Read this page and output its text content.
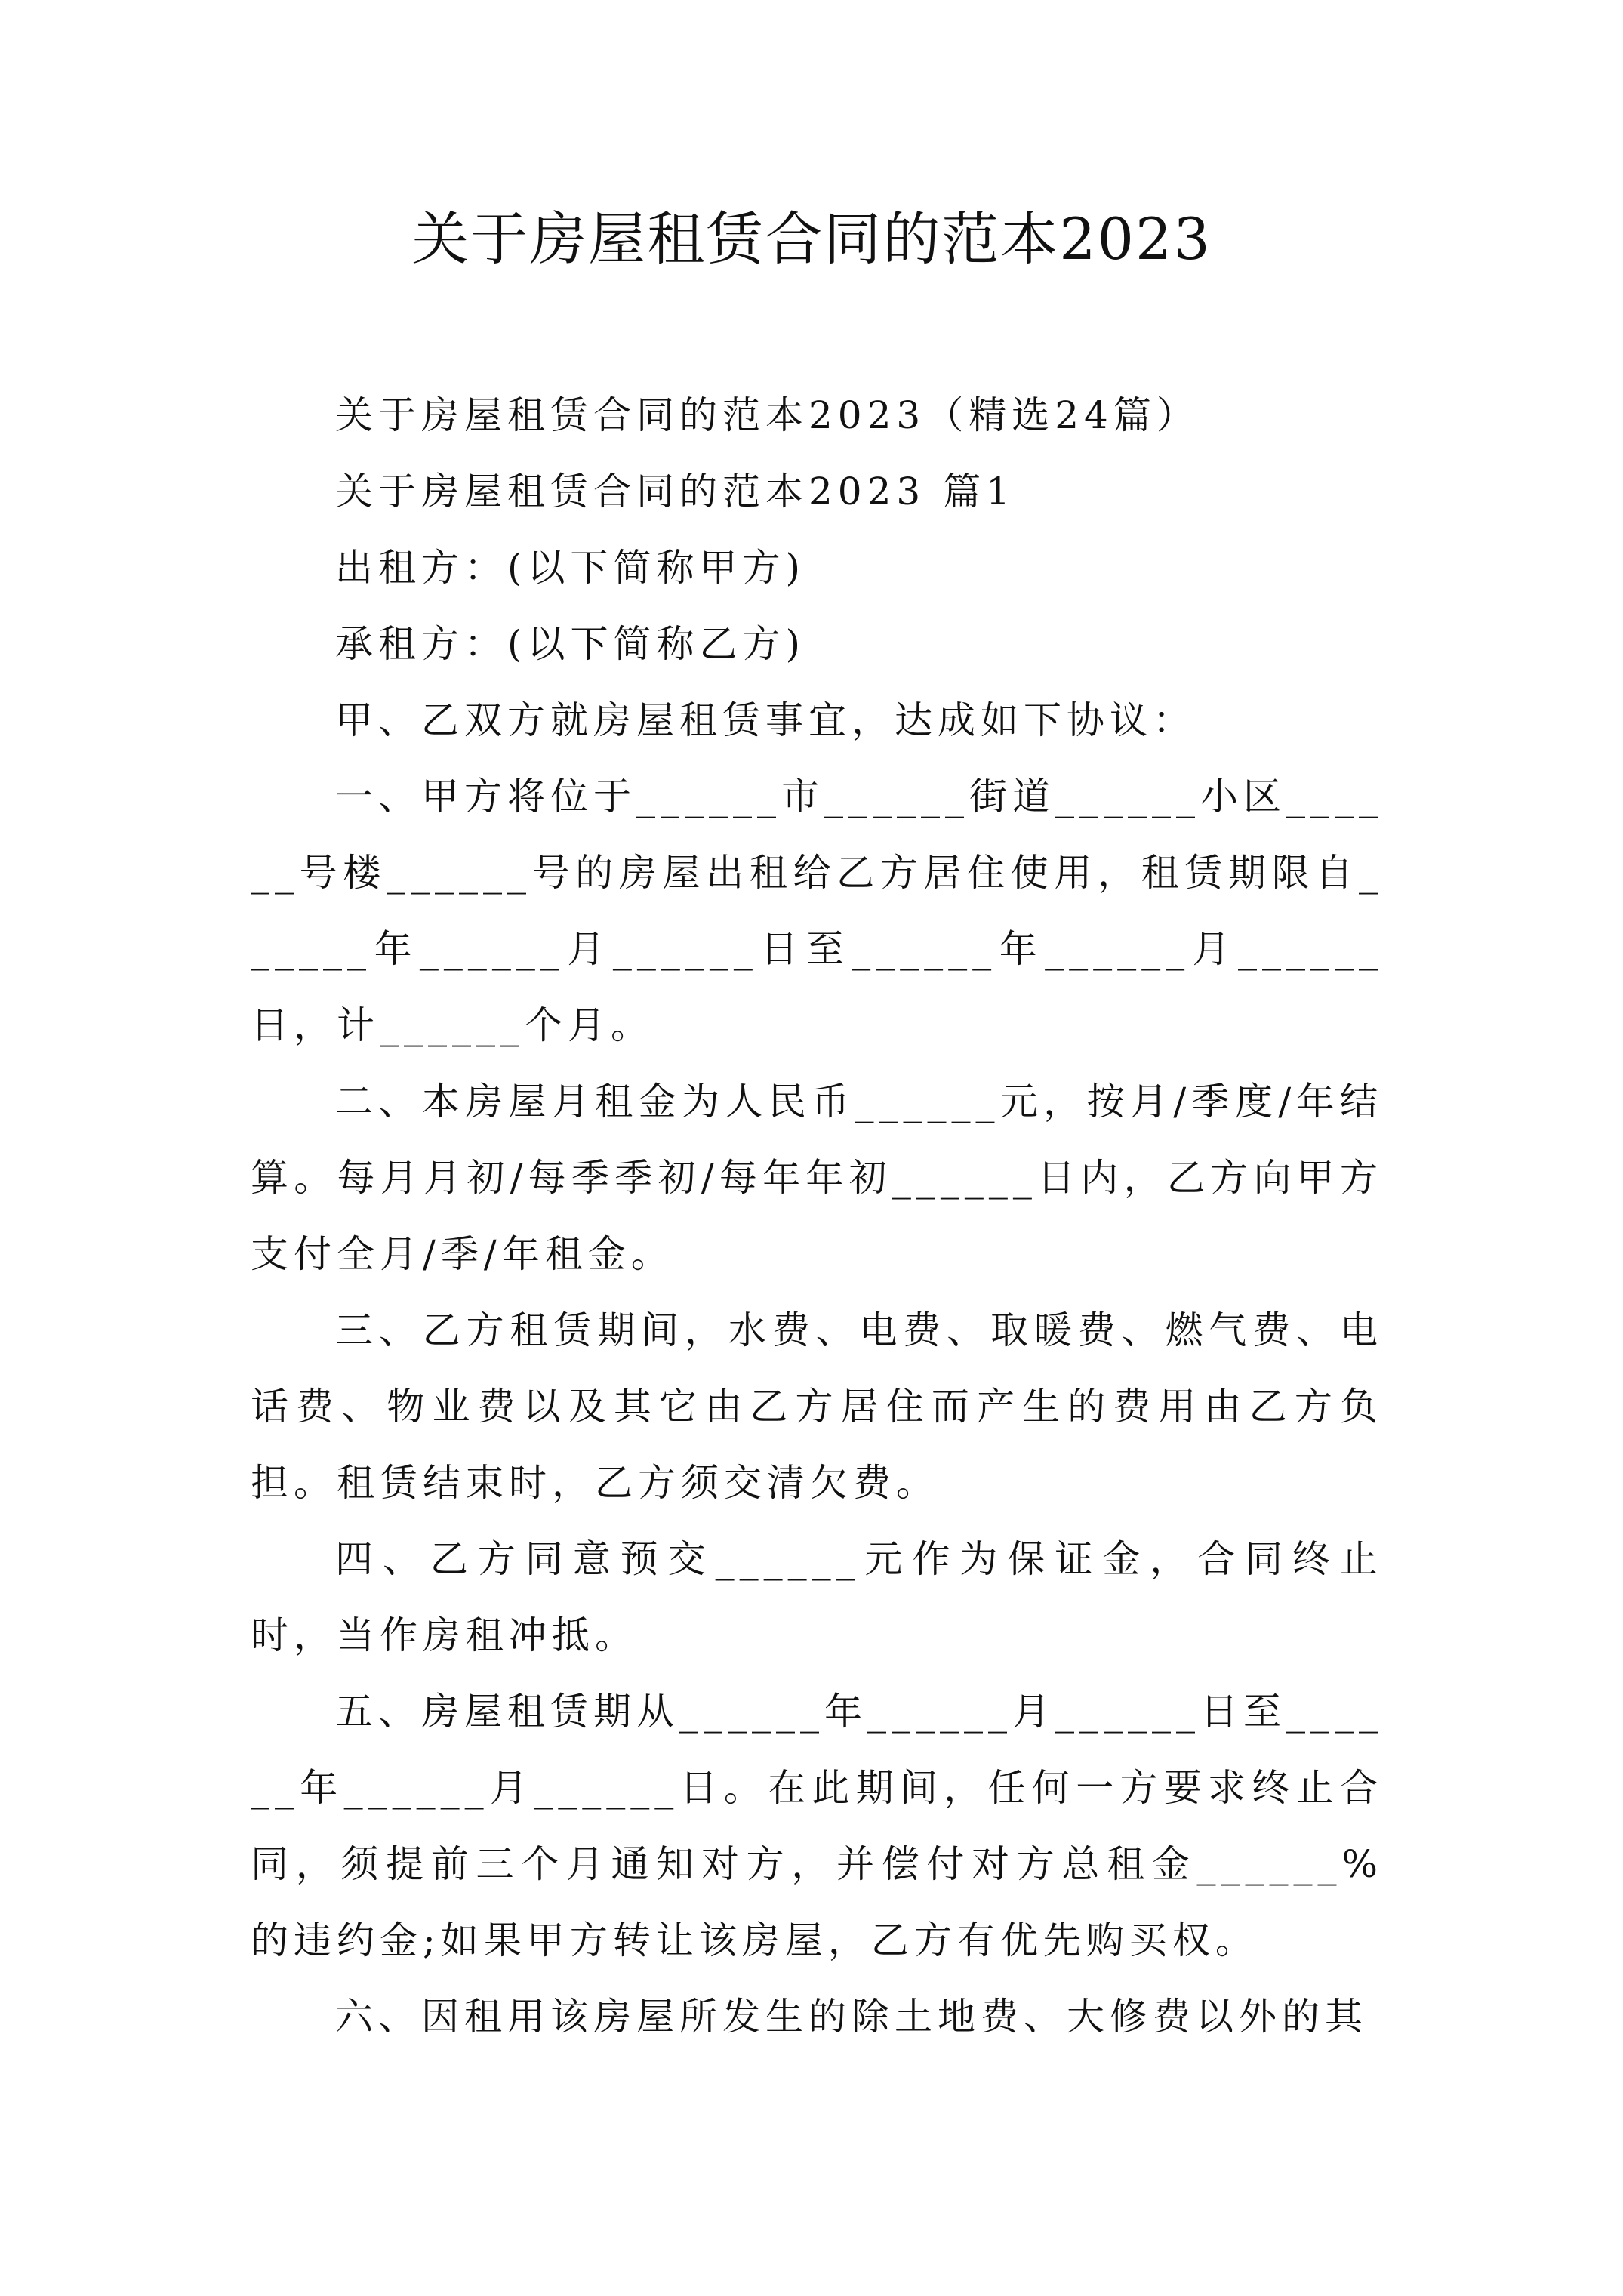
关于房屋租赁合同的范本2023

关于房屋租赁合同的范本2023（精选24篇）

关于房屋租赁合同的范本2023 篇1

出租方：(以下简称甲方)

承租方：(以下简称乙方)

甲、乙双方就房屋租赁事宜，达成如下协议：

一、甲方将位于______市______街道______小区______号楼______号的房屋出租给乙方居住使用，租赁期限自______年______月______日至______年______月______日，计______个月。

二、本房屋月租金为人民币______元，按月/季度/年结算。每月月初/每季季初/每年年初______日内，乙方向甲方支付全月/季/年租金。

三、乙方租赁期间，水费、电费、取暖费、燃气费、电话费、物业费以及其它由乙方居住而产生的费用由乙方负担。租赁结束时，乙方须交清欠费。

四、乙方同意预交______元作为保证金，合同终止时，当作房租冲抵。

五、房屋租赁期从______年______月______日至______年______月______日。在此期间，任何一方要求终止合同，须提前三个月通知对方，并偿付对方总租金______%的违约金;如果甲方转让该房屋，乙方有优先购买权。

六、因租用该房屋所发生的除土地费、大修费以外的其
